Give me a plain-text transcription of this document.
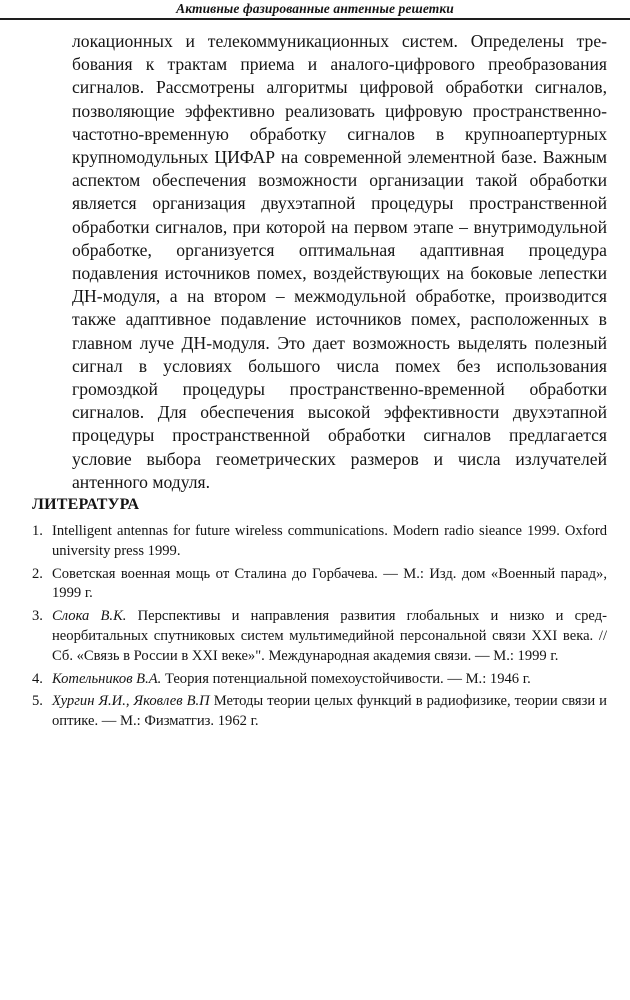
Активные фазированные антенные решетки

локационных и телекоммуникационных систем. Определены требования к трактам приема и аналого-цифрового преобразования сигналов. Рассмотрены алгоритмы цифровой обработки сигналов, позволяющие эффективно реализовать цифровую пространственно-частотно-временную обработку сигналов в крупноапертурных крупномодульных ЦИФАР на современной элементной базе. Важным аспектом обеспечения возможности организации такой обработки является организация двухэтапной процедуры пространственной обработки сигналов, при которой на первом этапе – внутримодульной обработке, организуется оптимальная адаптивная процедура подавления источников помех, воздействующих на боковые лепестки ДН-модуля, а на втором – межмодульной обработке, производится также адаптивное подавление источников помех, расположенных в главном луче ДН-модуля. Это дает возможность выделять полезный сигнал в условиях большого числа помех без использования громоздкой процедуры пространственно-временной обработки сигналов. Для обеспечения высокой эффективности двухэтапной процедуры пространственной обработки сигналов предлагается условие выбора геометрических размеров и числа излучателей антенного модуля.

ЛИТЕРАТУРА
1. Intelligent antennas for future wireless communications. Modern radio sieance 1999. Oxford university press 1999.
2. Советская военная мощь от Сталина до Горбачева. — М.: Изд. дом «Военный парад», 1999 г.
3. Слока В.К. Перспективы и направления развития глобальных и низко и среднеорбитальных спутниковых систем мультимедийной персональной связи XXI века. // Сб. «Связь в России в XXI веке»". Международная академия связи. — М.: 1999 г.
4. Котельников В.А. Теория потенциальной помехоустойчивости. — М.: 1946 г.
5. Хургин Я.И., Яковлев В.П Методы теории целых функций в радиофизике, теории связи и оптике. — М.: Физматгиз. 1962 г.
